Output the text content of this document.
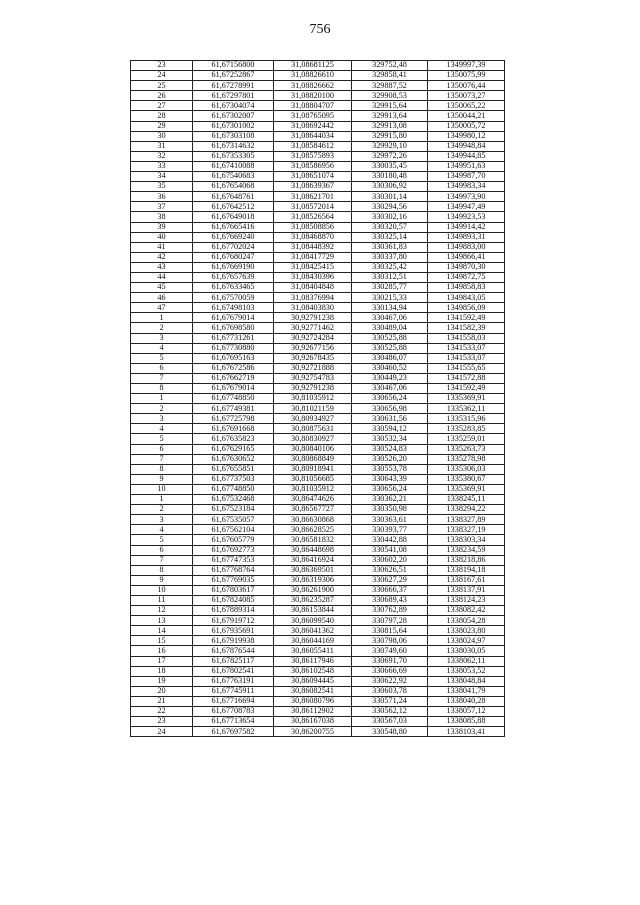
756
23	61,67156800	31,08681125	329752,48	1349997,39
24	61,67252867	31,08826610	329858,41	1350075,99
25	61,67278991	31,08826662	329887,52	1350076,44
26	61,67297801	31,08820100	329908,53	1350073,27
27	61,67304074	31,08804707	329915,64	1350065,22
28	61,67302007	31,08765095	329913,64	1350044,21
29	61,67301002	31,08692442	329913,08	1350005,72
30	61,67303108	31,08644034	329915,80	1349980,12
31	61,67314632	31,08584612	329929,10	1349948,84
32	61,67353305	31,08575893	329972,26	1349944,85
33	61,67410088	31,08586956	330035,45	1349951,63
34	61,67540683	31,08651074	330180,48	1349987,70
35	61,67654068	31,08639367	330306,92	1349983,34
36	61,67648761	31,08621701	330301,14	1349973,90
37	61,67642512	31,08572014	330294,56	1349947,49
38	61,67649018	31,08526564	330302,16	1349923,53
39	61,67665416	31,08508856	330320,57	1349914,42
40	61,67669240	31,08468870	330325,14	1349893,31
41	61,67702024	31,08448392	330361,83	1349883,00
42	61,67680247	31,08417729	330337,80	1349866,41
43	61,67669190	31,08425415	330325,42	1349870,30
44	61,67657639	31,08430396	330312,51	1349872,75
45	61,67633465	31,08404848	330285,77	1349858,83
46	61,67570059	31,08376994	330215,33	1349843,05
47	61,67498103	31,08403830	330134,94	1349856,09
1	61,67679014	30,92791238	330467,06	1341592,49
2	61,67698580	30,92771462	330489,04	1341582,39
3	61,67731261	30,92724284	330525,88	1341558,03
4	61,67730880	30,92677156	330525,88	1341533,07
5	61,67695163	30,92678435	330486,07	1341533,07
6	61,67672586	30,92721888	330460,52	1341555,65
7	61,67662719	30,92754783	330449,23	1341572,88
8	61,67679014	30,92791238	330467,06	1341592,49
1	61,67748850	30,81035912	330656,24	1335369,91
2	61,67749381	30,81021159	330656,98	1335362,11
3	61,67725798	30,80934927	330631,56	1335315,96
4	61,67691668	30,80875631	330594,12	1335283,85
5	61,67635823	30,80830927	330532,34	1335259,01
6	61,67629165	30,80840106	330524,83	1335263,73
7	61,67630652	30,80868849	330526,20	1335278,98
8	61,67655851	30,80918941	330553,78	1335306,03
9	61,67737503	30,81056685	330643,39	1335380,67
10	61,67748850	30,81035912	330656,24	1335369,91
1	61,67532468	30,86474626	330362,21	1338245,11
2	61,67523184	30,86567727	330350,98	1338294,22
3	61,67535057	30,86630868	330363,61	1338327,89
4	61,67562104	30,86628525	330393,77	1338327,19
5	61,67605779	30,86581832	330442,88	1338303,34
6	61,67692773	30,86448698	330541,08	1338234,59
7	61,67747353	30,86416924	330602,20	1338218,86
8	61,67768764	30,86369501	330626,51	1338194,18
9	61,67769035	30,86319306	330627,29	1338167,61
10	61,67803617	30,86261900	330666,37	1338137,91
11	61,67824085	30,86235287	330689,43	1338124,23
12	61,67889314	30,86153844	330762,89	1338082,42
13	61,67919712	30,86099540	330797,28	1338054,28
14	61,67935691	30,86041362	330815,64	1338023,80
15	61,67919938	30,86044169	330798,06	1338024,97
16	61,67876544	30,86055411	330749,60	1338030,05
17	61,67825117	30,86117946	330691,70	1338062,11
18	61,67802541	30,86102548	330666,69	1338053,52
19	61,67763191	30,86094445	330622,92	1338048,84
20	61,67745911	30,86082541	330603,78	1338041,79
21	61,67716694	30,86080796	330571,24	1338040,28
22	61,67708783	30,86112902	330562,12	1338057,12
23	61,67713654	30,86167038	330567,03	1338085,88
24	61,67697582	30,86200755	330548,80	1338103,41
